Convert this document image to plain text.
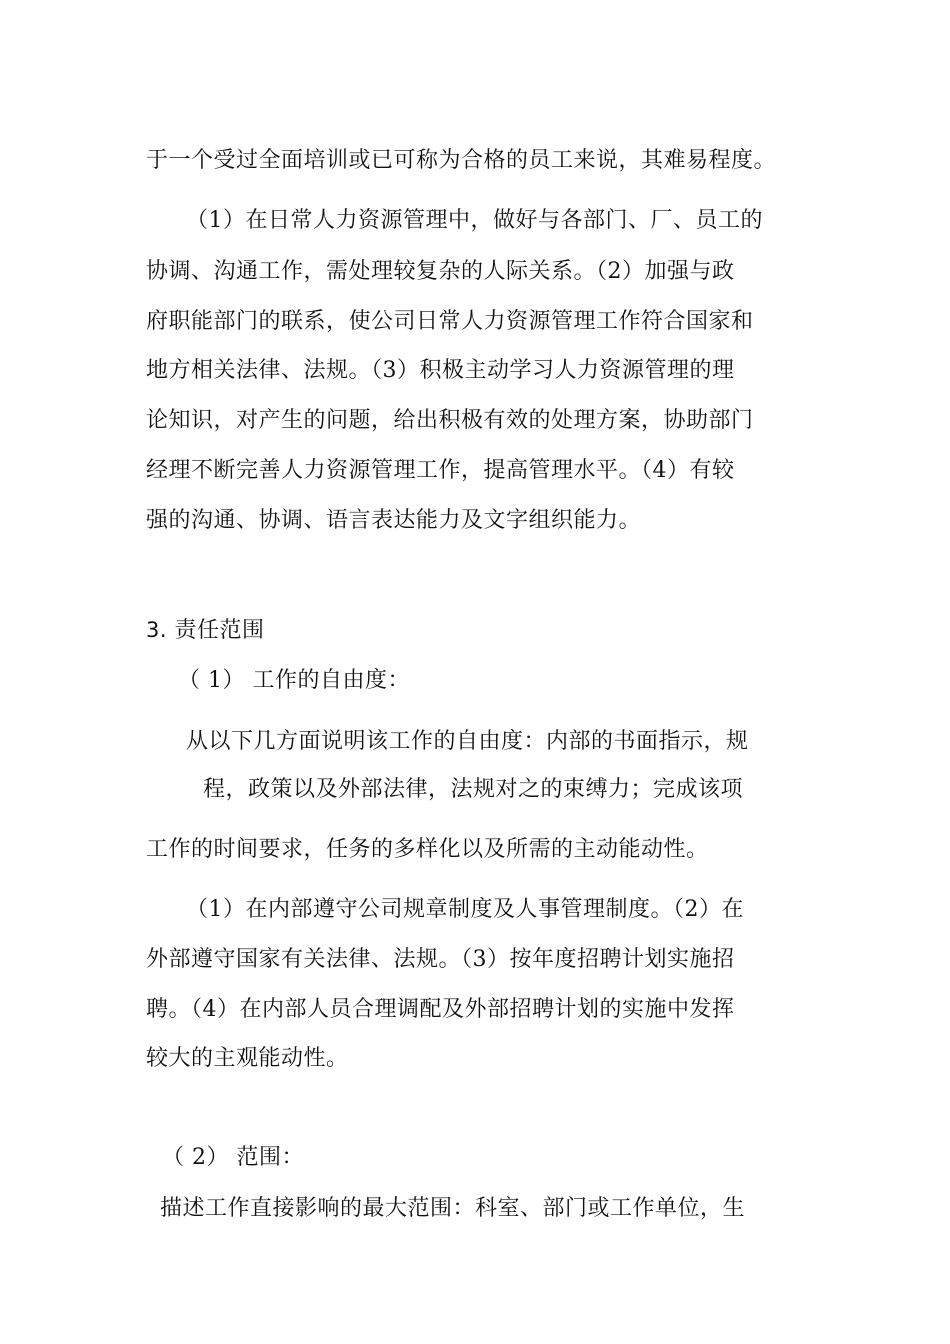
于一个受过全面培训或已可称为合格的员工来说，其难易程度。
（1）在日常人力资源管理中，做好与各部门、厂、员工的
协调、沟通工作，需处理较复杂的人际关系。（2）加强与政
府职能部门的联系，使公司日常人力资源管理工作符合国家和
地方相关法律、法规。（3）积极主动学习人力资源管理的理
论知识，对产生的问题，给出积极有效的处理方案，协助部门
经理不断完善人力资源管理工作，提高管理水平。（4）有较
强的沟通、协调、语言表达能力及文字组织能力。
3. 责任范围
（ 1） 工作的自由度：
从以下几方面说明该工作的自由度：内部的书面指示，规
程，政策以及外部法律，法规对之的束缚力；完成该项
工作的时间要求，任务的多样化以及所需的主动能动性。
（1）在内部遵守公司规章制度及人事管理制度。（2）在
外部遵守国家有关法律、法规。（3）按年度招聘计划实施招
聘。（4）在内部人员合理调配及外部招聘计划的实施中发挥
较大的主观能动性。
（ 2） 范围：
描述工作直接影响的最大范围：科室、部门或工作单位，生
